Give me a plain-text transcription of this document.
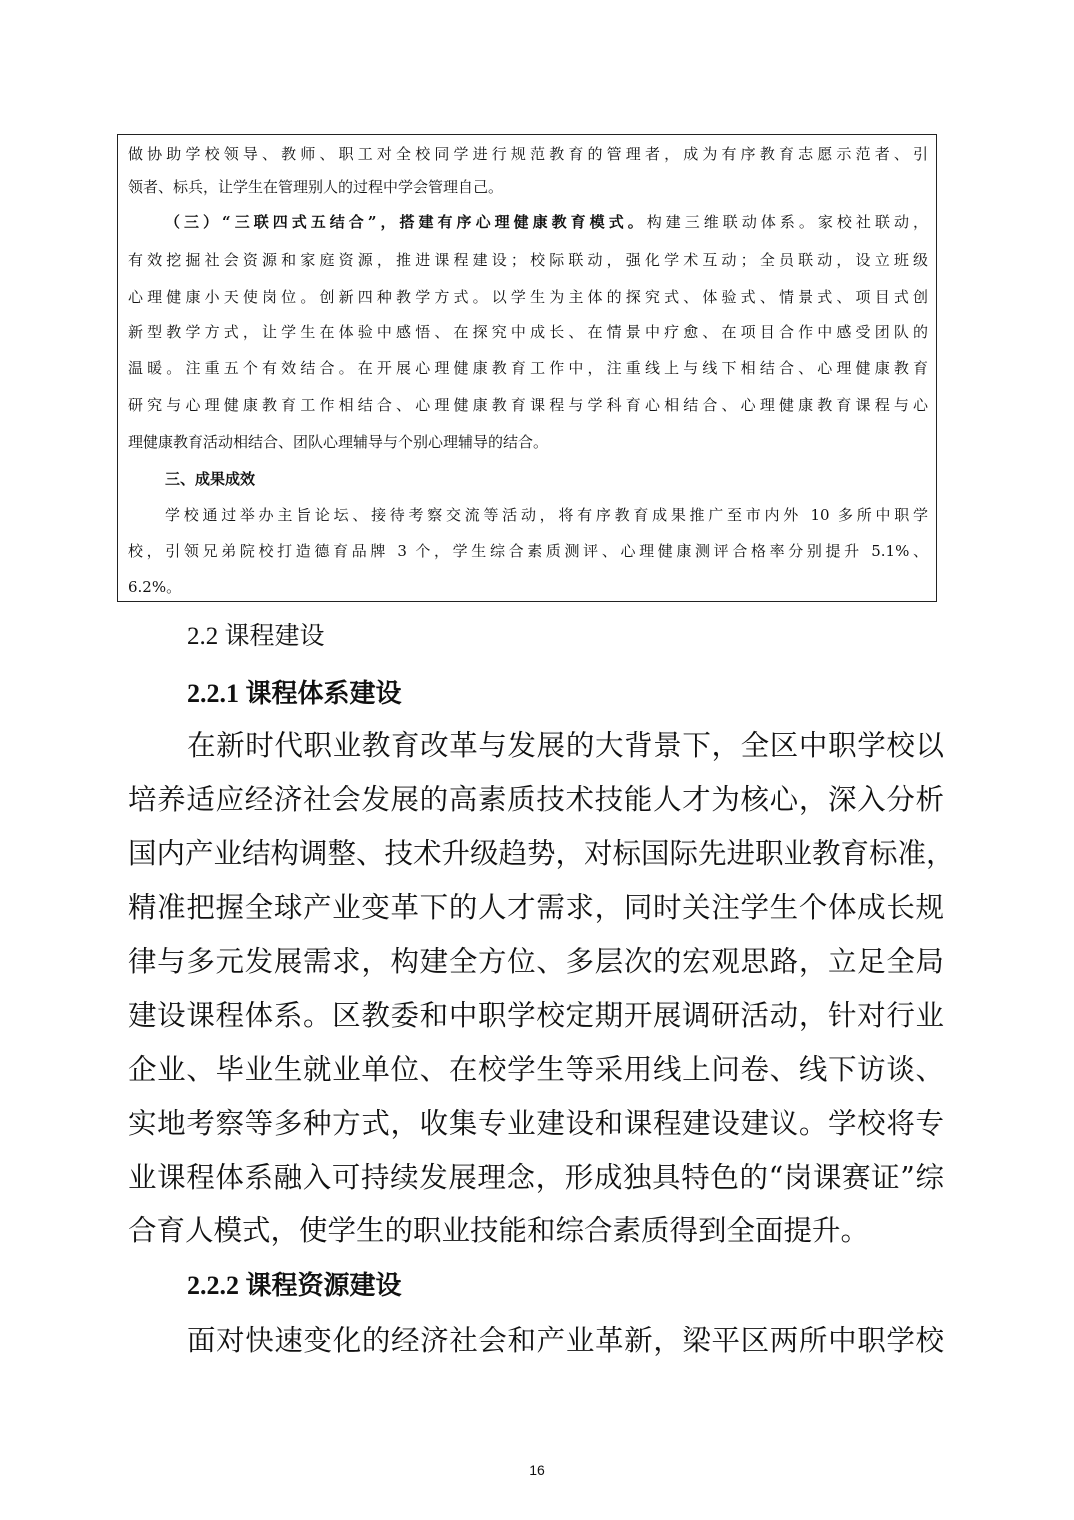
做协助学校领导、教师、职工对全校同学进行规范教育的管理者，成为有序教育志愿示范者、引
领者、标兵，让学生在管理别人的过程中学会管理自己。
（三）“三联四式五结合”，搭建有序心理健康教育模式。构建三维联动体系。家校社联动，
有效挖掘社会资源和家庭资源，推进课程建设；校际联动，强化学术互动；全员联动，设立班级
心理健康小天使岗位。创新四种教学方式。以学生为主体的探究式、体验式、情景式、项目式创
新型教学方式，让学生在体验中感悟、在探究中成长、在情景中疗愈、在项目合作中感受团队的
温暖。注重五个有效结合。在开展心理健康教育工作中，注重线上与线下相结合、心理健康教育
研究与心理健康教育工作相结合、心理健康教育课程与学科育心相结合、心理健康教育课程与心
理健康教育活动相结合、团队心理辅导与个别心理辅导的结合。
三、成果成效
学校通过举办主旨论坛、接待考察交流等活动，将有序教育成果推广至市内外 10 多所中职学
校，引领兄弟院校打造德育品牌 3 个，学生综合素质测评、心理健康测评合格率分别提升 5.1%、
6.2%。
2.2 课程建设
2.2.1 课程体系建设
在新时代职业教育改革与发展的大背景下，全区中职学校以
培养适应经济社会发展的高素质技术技能人才为核心，深入分析
国内产业结构调整、技术升级趋势，对标国际先进职业教育标准，
精准把握全球产业变革下的人才需求，同时关注学生个体成长规
律与多元发展需求，构建全方位、多层次的宏观思路，立足全局
建设课程体系。区教委和中职学校定期开展调研活动，针对行业
企业、毕业生就业单位、在校学生等采用线上问卷、线下访谈、
实地考察等多种方式，收集专业建设和课程建设建议。学校将专
业课程体系融入可持续发展理念，形成独具特色的“岗课赛证”综
合育人模式，使学生的职业技能和综合素质得到全面提升。
2.2.2 课程资源建设
面对快速变化的经济社会和产业革新，梁平区两所中职学校
16
